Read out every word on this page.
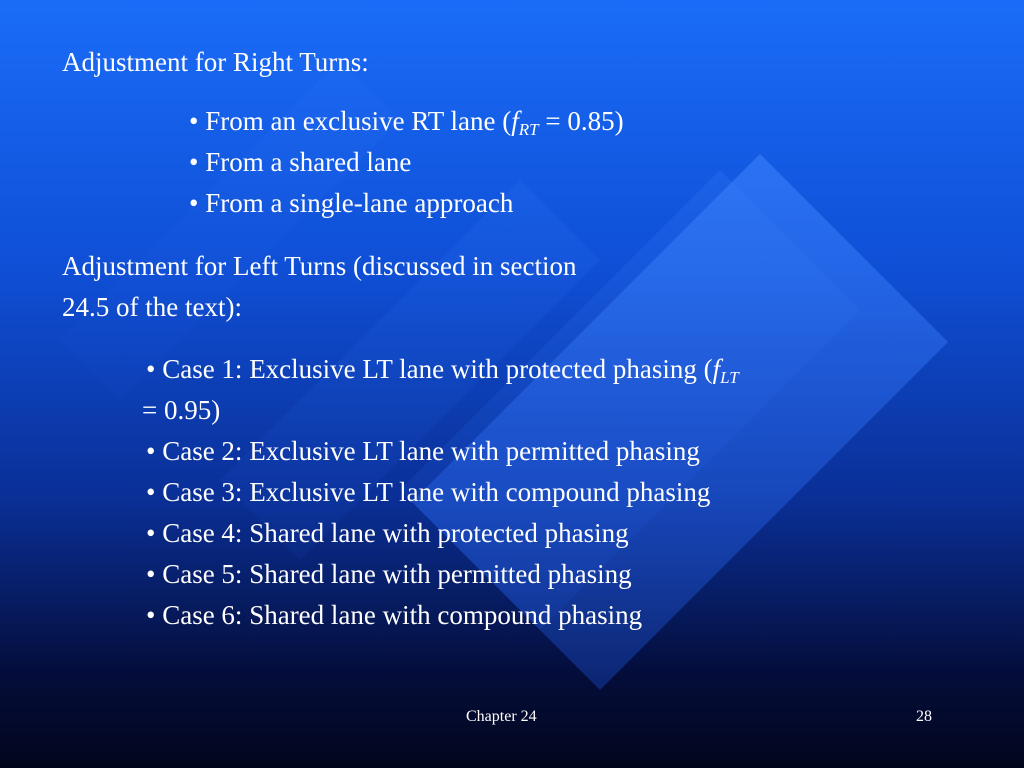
Adjustment for Right Turns:
• From an exclusive RT lane $(f_{RT} = 0.85)$
• From a shared lane
• From a single-lane approach
Adjustment for Left Turns (discussed in section
24.5 of the text):
• Case 1: Exclusive LT lane with protected phasing ($f_{LT}$
= 0.95)
• Case 2: Exclusive LT lane with permitted phasing
• Case 3: Exclusive LT lane with compound phasing
• Case 4: Shared lane with protected phasing
• Case 5: Shared lane with permitted phasing
• Case 6: Shared lane with compound phasing
Chapter 24	28
